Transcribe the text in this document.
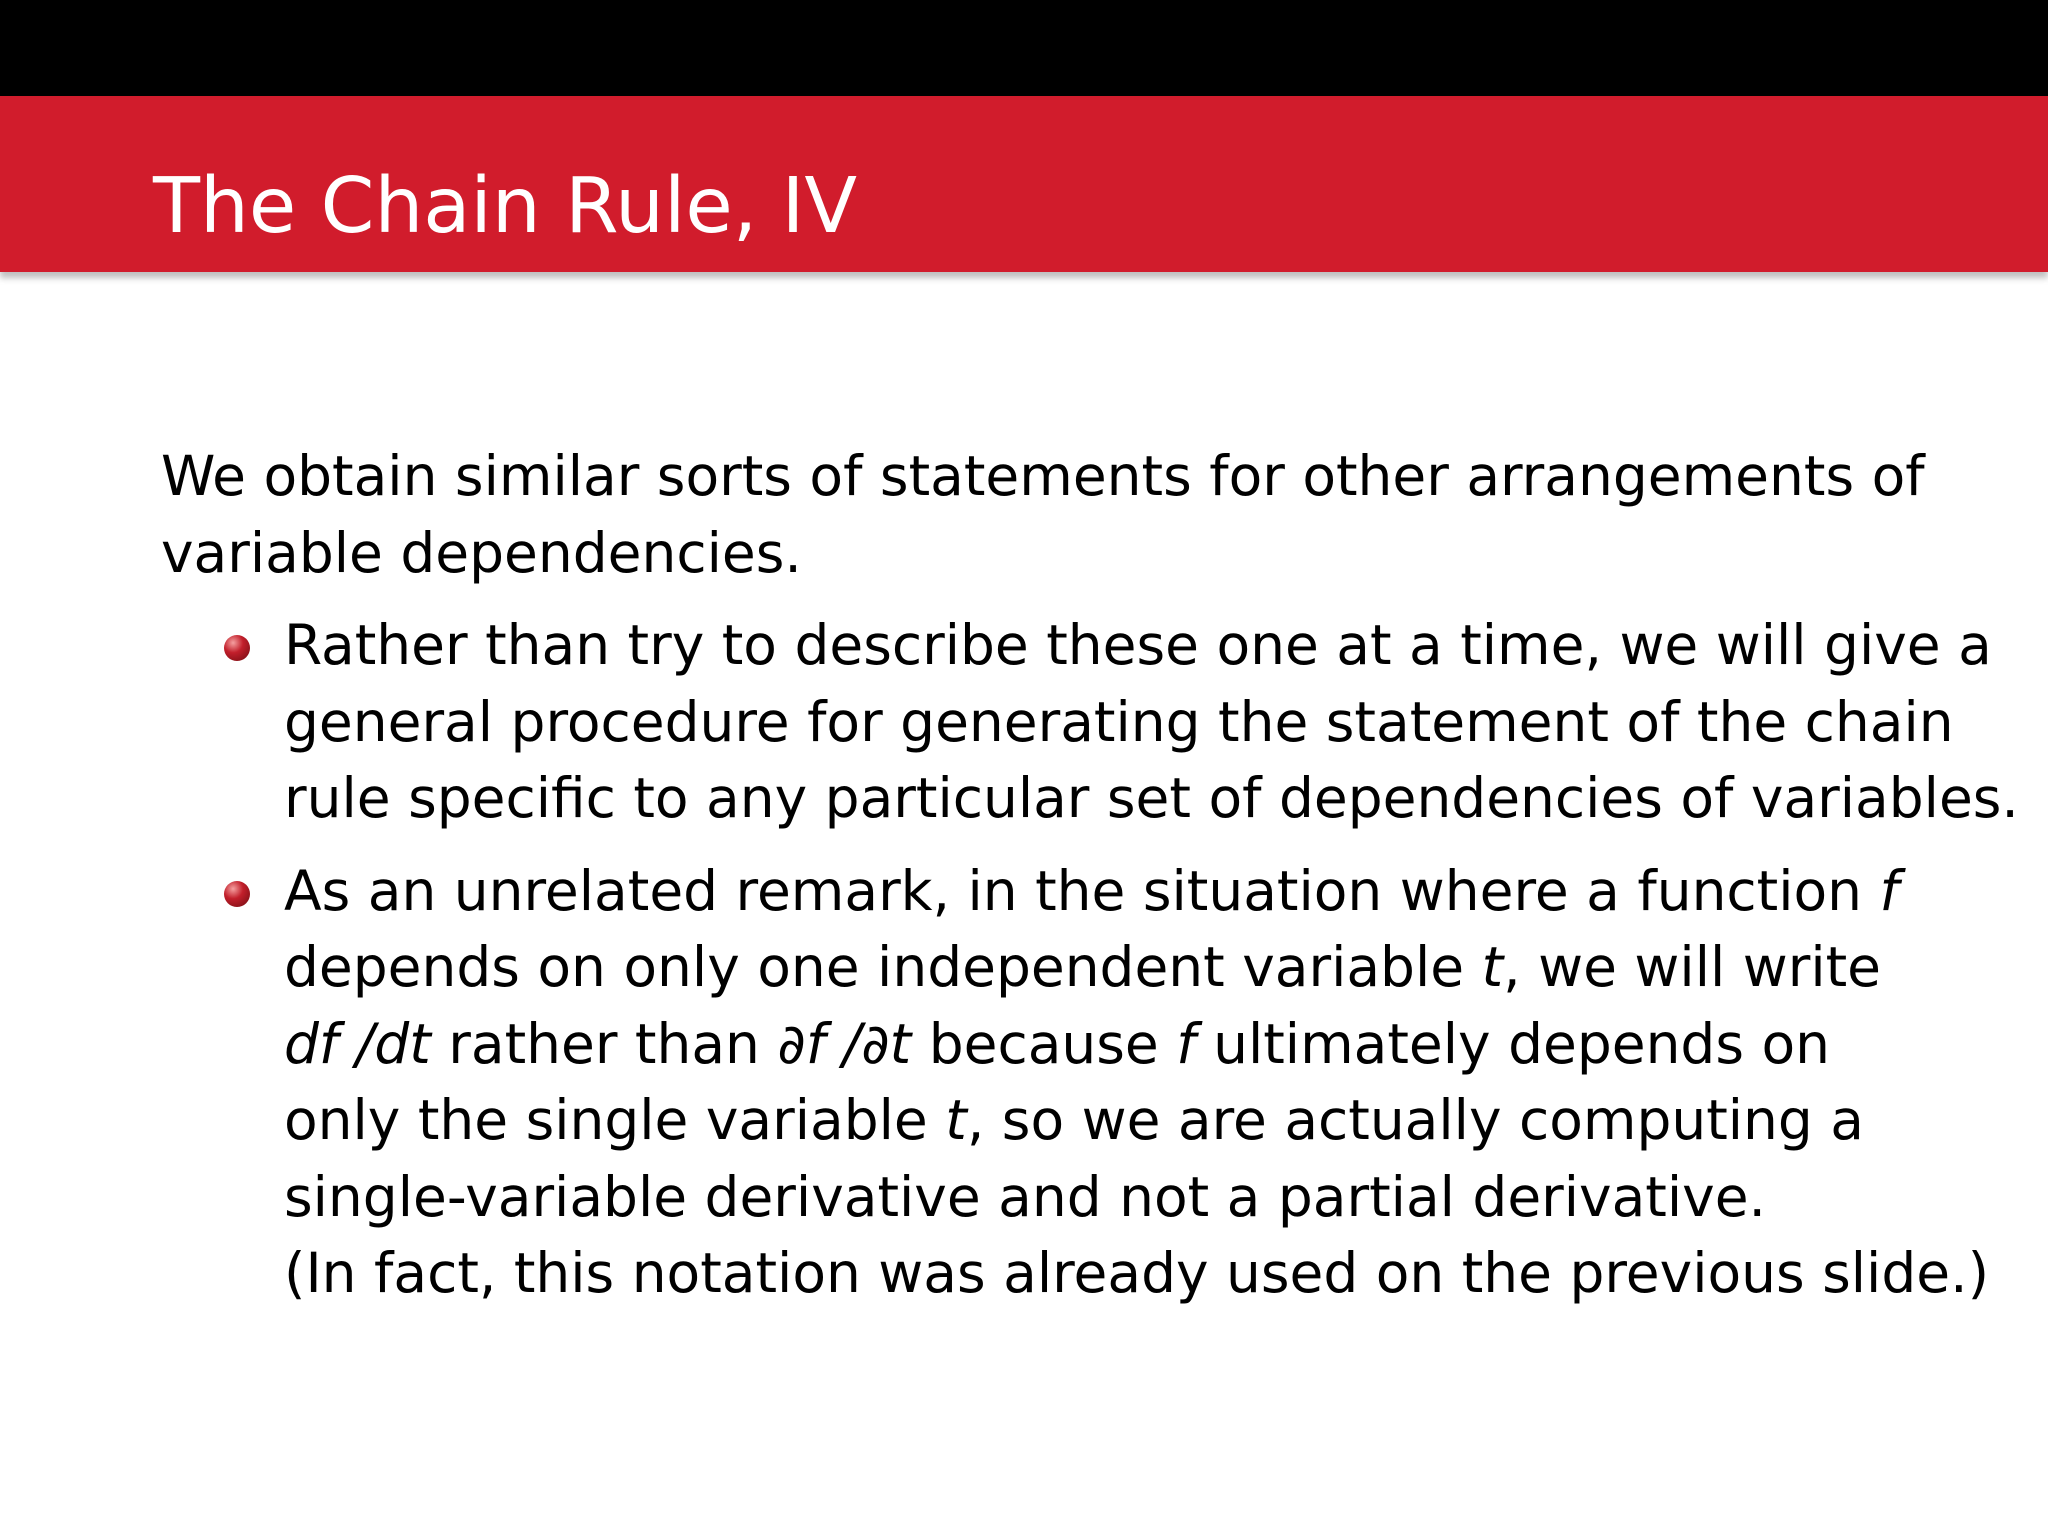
The Chain Rule, IV

We obtain similar sorts of statements for other arrangements of

variable dependencies.

Rather than try to describe these one at a time, we will give a
general procedure for generating the statement of the chain
rule specific to any particular set of dependencies of variables.
As an unrelated remark, in the situation where a function f
depends on only one independent variable t, we will write
df /dt rather than ∂f /∂t because f ultimately depends on
only the single variable t, so we are actually computing a
single-variable derivative and not a partial derivative.
(In fact, this notation was already used on the previous slide.)
